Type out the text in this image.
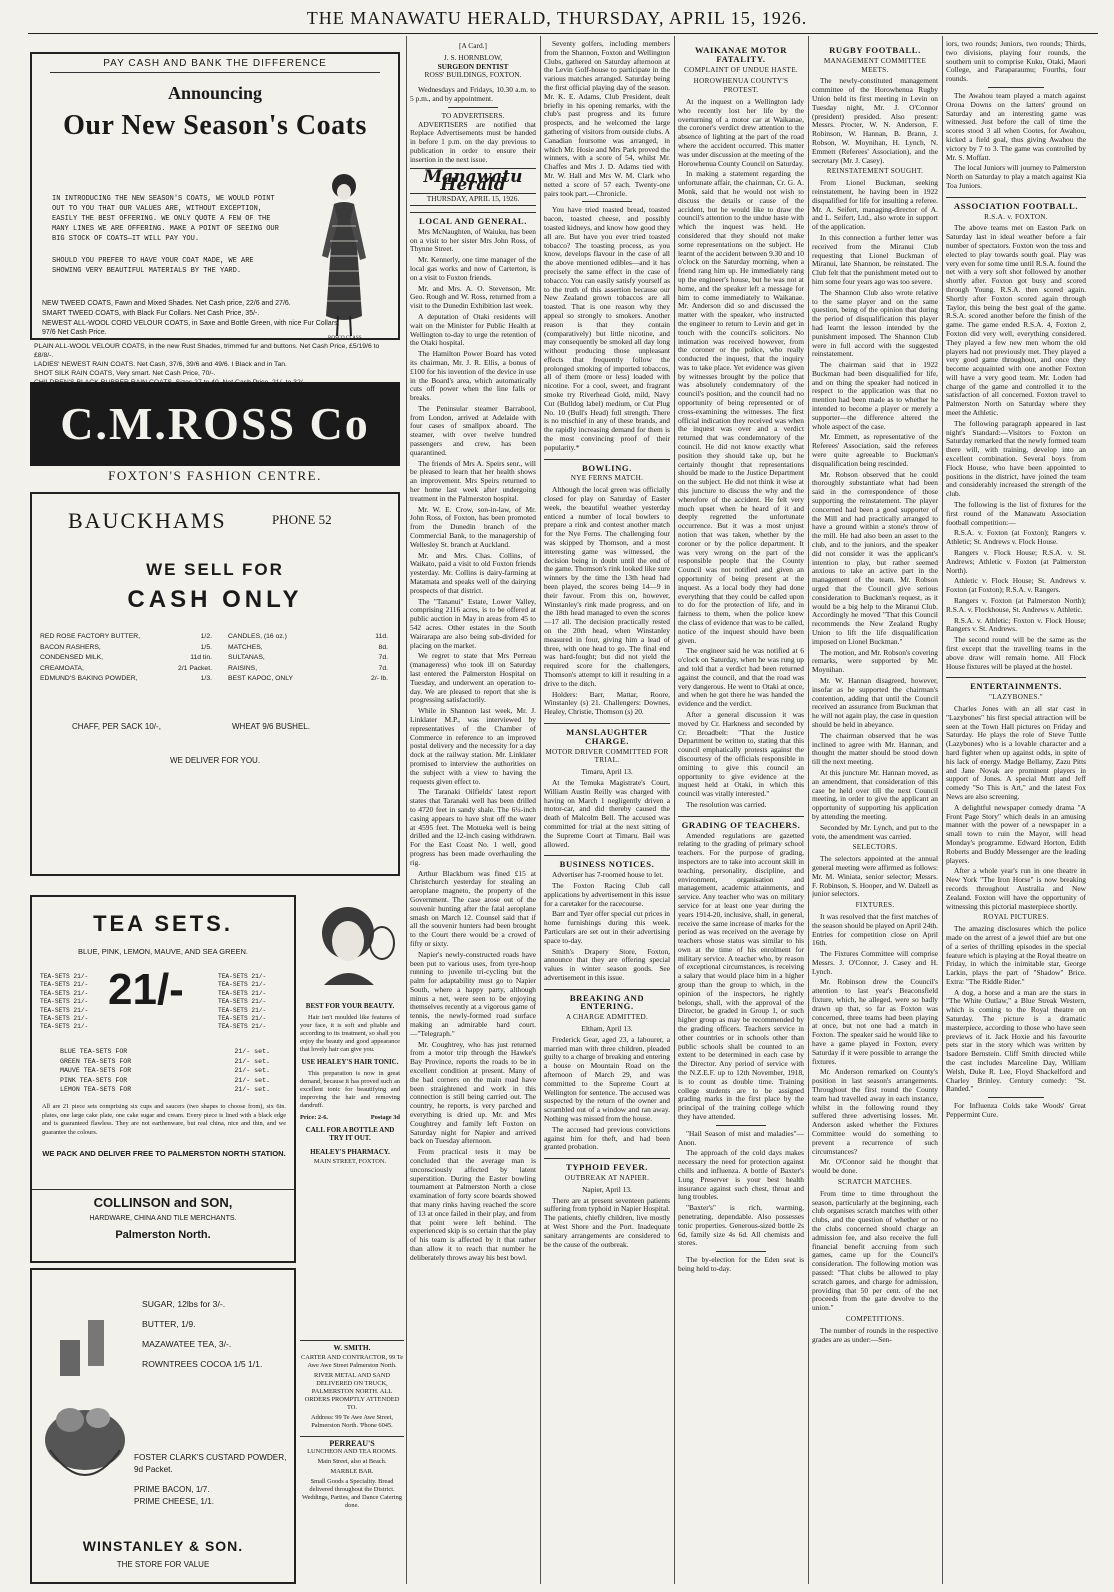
THE MANAWATU HERALD, THURSDAY, APRIL 15, 1926.
PAY CASH AND BANK THE DIFFERENCE
Announcing
Our New Season's Coats
IN INTRODUCING THE NEW SEASON'S COATS, WE WOULD POINT OUT TO YOU THAT OUR VALUES ARE, WITHOUT EXCEPTION, EASILY THE BEST OFFERING. WE ONLY QUOTE A FEW OF THE MANY LINES WE ARE OFFERING. MAKE A POINT OF SEEING OUR BIG STOCK OF COATS—IT WILL PAY YOU.
SHOULD YOU PREFER TO HAVE YOUR COAT MADE, WE ARE SHOWING VERY BEAUTIFUL MATERIALS BY THE YARD.
NEW TWEED COATS, Fawn and Mixed Shades. Net Cash price, 22/6 and 27/6.
SMART TWEED COATS, with Black Fur Collars. Net Cash Price, 35/-.
NEWEST ALL-WOOL CORD VELOUR COATS, in Saxe and Bottle Green, with nice Fur Collars. 97/6 Net Cash Price.
ROSCO CLASS
PLAIN ALL-WOOL VELOUR COATS, in the new Rust Shades, trimmed fur and buttons. Net Cash Price, £5/19/6 to £8/8/-.
LADIES' NEWEST RAIN COATS. Net Cash, 37/6, 39/6 and 49/6. I Black and in Tan.
SHOT SILK RAIN COATS, Very smart. Net Cash Price, 70/-.
C.M.ROSS Co
FOXTON'S FASHION CENTRE.
BAUCKHAMS	PHONE 52
WE SELL FOR
CASH ONLY
RED ROSE FACTORY BUTTER,	1/2.
BACON RASHERS,	1/5.
CONDENSED MILK,	11d tin.
CREAMOATA,	2/1 Packet.
EDMUND'S BAKING POWDER,	1/3.
CANDLES, (16 oz.)	11d.
MATCHES,	8d.
SULTANAS,	7d.
RAISINS,	7d.
BEST KAPOC, ONLY	2/- lb.
CHAFF, PER SACK 10/-,	WHEAT 9/6 BUSHEL.
WE DELIVER FOR YOU.
TEA SETS.
BLUE, PINK, LEMON, MAUVE, AND SEA GREEN.
TEA-SETS 21/-
TEA-SETS 21/-
TEA-SETS 21/-
TEA-SETS 21/-
TEA-SETS 21/-
TEA-SETS 21/-
TEA-SETS 21/-
21/-	TEA-SETS 21/-
TEA-SETS 21/-
TEA-SETS 21/-
TEA-SETS 21/-
TEA-SETS 21/-
TEA-SETS 21/-
TEA-SETS 21/-
BLUE TEA-SETS FOR	21/- set.
GREEN TEA-SETS FOR	21/- set.
MAUVE TEA-SETS FOR	21/- set.
PINK TEA-SETS FOR	21/- set.
LEMON TEA-SETS FOR	21/- set.
All are 21 piece sets comprising six cups and saucers (two shapes to choose from), six 6in. plates, one large cake plate, one cake sugar and cream. Every piece is lined with a black edge and is guaranteed flawless. They are not earthenware, but real china, nice and thin, and we guarantee the colours.
WE PACK AND DELIVER FREE TO PALMERSTON NORTH STATION.
COLLINSON and SON,
HARDWARE, CHINA AND TILE MERCHANTS.
Palmerston North.
BEST FOR YOUR BEAUTY.

Hair isn't moulded like features of your face, it is soft and pliable and according to its treatment, so shall you enjoy the beauty and good appearance that lovely hair can give you.

USE HEALEY'S HAIR TONIC.

This preparation is now in great demand, because it has proved such an excellent tonic for beautifying and improving the hair and removing dandruff.

Price: 2-6.	Postage 3d
CALL FOR A BOTTLE AND TRY IT OUT.
HEALEY'S PHARMACY.
MAIN STREET, FOXTON.
SUGAR, 12lbs for 3/-.
BUTTER, 1/9.
MAZAWATEE TEA, 3/-.
ROWNTREES COCOA 1/5 1/1.
FOSTER CLARK'S CUSTARD POWDER, 9d Packet.
PRIME BACON, 1/7.
PRIME CHEESE, 1/1.
WINSTANLEY & SON.
THE STORE FOR VALUE
[A Card.]
J. S. HORNBLOW,
SURGEON DENTIST
ROSS' BUILDINGS, FOXTON.

Wednesdays and Fridays, 10.30 a.m. to 5 p.m., and by appointment.

TO ADVERTISERS.

ADVERTISERS are notified that Replace Advertisements must be handed in before 1 p.m. on the day previous to publication in order to ensure their insertion in the next issue.

Manawatu Herald
THURSDAY, APRIL 15, 1926.
LOCAL AND GENERAL.

Mrs McNaughten, of Waiuku, has been on a visit to her sister Mrs John Ross, of Thynne Street.

Mr. Kennerly, one time manager of the local gas works and now of Carterton, is on a visit to Foxton friends.

Mr. and Mrs. A. O. Stevenson, Mr. Geo. Rough and W. Ross, returned from a visit to the Dunedin Exhibition last week.

A deputation of Otaki residents will wait on the Minister for Public Health at Wellington to-day to urge the retention of the Otaki hospital.

The Hamilton Power Board has voted its chairman, Mr. J. R. Ellis, a bonus of £100 for his invention of the device in use in the Board's area, which automatically cuts off power when the line falls or breaks.

The Peninsular steamer Barrabool, from London, arrived at Adelaide with four cases of smallpox aboard. The steamer, with over twelve hundred passengers and crew, has been quarantined.

The friends of Mrs A. Speirs senr., will be pleased to learn that her health shows an improvement. Mrs Speirs returned to her home last week after undergoing treatment in the Palmerston hospital.

Mr. W. E. Crow, son-in-law, of Mr. John Ross, of Foxton, has been promoted from the Dunedin branch of the Commercial Bank, to the managership of Wellesley St. branch at Auckland.

Mr. and Mrs. Chas. Collins, of Waikato, paid a visit to old Foxton friends yesterday. Mr. Collins is dairy-farming at Matamata and speaks well of the dairying prospects of that district.

The "Tananui" Estate, Lower Valley, comprising 2116 acres, is to be offered at public auction in May in areas from 45 to 542 acres. Other estates in the South Wairarapa are also being sub-divided for placing on the market.

We regret to state that Mrs Perreau (manageress) who took ill on Saturday last entered the Palmerston Hospital on Tuesday, and underwent an operation to-day. We are pleased to report that she is progressing satisfactorily.

While in Shannon last week, Mr. J. Linklater M.P., was interviewed by representatives of the Chamber of Commerce in reference to an improved postal delivery and the necessity for a day dock at the railway station. Mr. Linklater promised to interview the authorities on the subject with a view to having the requests given effect to.

The Taranaki Oilfields' latest report states that Taranaki well has been drilled to 4720 feet in sandy shale. The 6¼-inch casing appears to have shut off the water at 4595 feet. The Motueka well is being drilled and the 12-inch casing withdrawn. For the East Coast No. 1 well, good progress has been made overhauling the rig.

Arthur Blackburn was fined £15 at Christchurch yesterday for stealing an aeroplane magneto, the property of the Government. The case arose out of the souvenir hunting after the fatal aeroplane smash on March 12. Counsel said that if all the souvenir hunters had been brought to the Court there would be a crowd of fifty or sixty.

Napier's newly-constructed roads have been put to various uses, from tyre-hoop running to juvenile tri-cycling but the palm for adaptability must go to Napier South, where a happy party, although minus a net, were seen to be enjoying themselves recently at a vigorous game of tennis, the newly-formed road surface making an admirable hard court.—"Telegraph."

Mr. Coughtrey, who has just returned from a motor trip through the Hawke's Bay Province, reports the roads to be in excellent condition at present. Many of the bad corners on the main road have been straightened and work in this connection is still being carried out. The country, he reports, is very parched and everything is dried up. Mr. and Mrs Coughtrey and family left Foxton on Saturday night for Napier and arrived back on Tuesday afternoon.

From practical tests it may be concluded that the average man is unconsciously affected by latent superstition. During the Easter bowling tournament at Palmerston North a close examination of forty score boards showed that many rinks having reached the score of 13 at once failed in their play, and from that point were left behind. The experienced skip is so certain that the play of his team is affected by it that rather than allow it to reach that number he deliberately throws away his best bowl.

W. SMITH.
CARTER AND CONTRACTOR, 99 Te Awe Awe Street Palmerston North.
RIVER METAL AND SAND DELIVERED ON TRUCK, PALMERSTON NORTH. ALL ORDERS PROMPTLY ATTENDED TO.
Address: 99 Te Awe Awe Street, Palmerston North. 'Phone 6045.
PERREAU'S
LUNCHEON AND TEA ROOMS.
Main Street, also at Beach.
MARBLE BAR.
Small Goods a Speciality. Bread delivered throughout the District. Weddings, Parties, and Dance Catering done.

Seventy golfers, including members from the Shannon, Foxton and Wellington Clubs, gathered on Saturday afternoon at the Levin Golf-house to participate in the various matches arranged. Saturday being the first official playing day of the season. Mr. K. E. Adams, Club President, dealt briefly in his opening remarks, with the club's past progress and its future prospects, and he welcomed the large gathering of visitors from outside clubs. A Canadian foursome was arranged, in which Mr. Hosie and Mrs Park proved the winners, with a score of 54, whilst Mr. Chaffes and Mrs J. D. Adams tied with Mr. W. Hall and Mrs W. M. Clark who netted a score of 57 each. Twenty-one pairs took part.—Chronicle.

You have tried toasted bread, toasted bacon, toasted cheese, and possibly toasted kidneys, and know how good they all are. But have you ever tried toasted tobacco? The toasting process, as you know, develops flavour in the case of all the above mentioned edibles—and it has precisely the same effect in the case of tobacco. You can easily satisfy yourself as to the truth of this assertion because our New Zealand grown tobaccos are all toasted. That is one reason why they appeal so strongly to smokers. Another reason is that they contain (comparatively) but little nicotine, and may consequently be smoked all day long without producing those unpleasant effects that frequently follow the prolonged smoking of imported tobaccos, all of them (more or less) loaded with nicotine. For a cool, sweet, and fragrant smoke try Riverhead Gold, mild, Navy Cut (Bulldog label) medium, or Cut Plug No. 10 (Bull's Head) full strength. There is no mischief in any of these brands, and the rapidly increasing demand for them is the most convincing proof of their popularity.*

BOWLING.
NYE FERNS MATCH.

Although the local green was officially closed for play on Saturday of Easter week, the beautiful weather yesterday enticed a number of local bowlers to prepare a rink and contest another match for the Nye Ferns. The challenging four was skipped by Thomson, and a most interesting game was witnessed, the decision being in doubt until the end of the game. Thomson's rink looked like sure winners by the time the 13th head had been played, the scores being 14—9 in their favour. From this on, however, Winstanley's rink made progress, and on the 18th head managed to even the scores—17 all. The decision practically rested on the 20th head, when Winstanley measured in four, giving him a lead of three, with one head to go. The final end was hard-fought; but did not yield the required score for the challengers, Thomson's attempt to kill it resulting in a drive to the ditch.

Holders: Barr, Mattar, Roore, Winstanley (s) 21. Challengers: Downes, Healey, Christie, Thomson (s) 20.

MANSLAUGHTER CHARGE.
MOTOR DRIVER COMMITTED FOR TRIAL.

Timaru, April 13.

At the Temuka Magistrate's Court, William Austin Reilly was charged with having on March 1 negligently driven a motor-car, and did thereby caused the death of Malcolm Bell. The accused was committed for trial at the next sitting of the Supreme Court at Timaru. Bail was allowed.

BUSINESS NOTICES.

Advertiser has 7-roomed house to let.

The Foxton Racing Club call applications by advertisement in this issue for a caretaker for the racecourse.

Barr and Tyer offer special cut prices in home furnishings during this week. Particulars are set out in their advertising space to-day.

Smith's Drapery Store, Foxton, announce that they are offering special values in winter season goods. See advertisement in this issue.

BREAKING AND ENTERING.
A CHARGE ADMITTED.

Eltham, April 13.

Frederick Gear, aged 23, a labourer, a married man with three children, pleaded guilty to a charge of breaking and entering a house on Mountain Road on the afternoon of March 29, and was committed to the Supreme Court at Wellington for sentence. The accused was suspected by the return of the owner and scrambled out of a window and ran away. Nothing was missed from the house.

The accused had previous convictions against him for theft, and had been granted probation.

TYPHOID FEVER.
OUTBREAK AT NAPIER.

Napier, April 13.

There are at present seventeen patients suffering from typhoid in Napier Hospital. The patients, chiefly children, live mostly at West Shore and the Port. Inadequate sanitary arrangements are considered to be the cause of the outbreak.

WAIKANAE MOTOR FATALITY.
COMPLAINT OF UNDUE HASTE.
HOROWHENUA COUNTY'S PROTEST.

At the inquest on a Wellington lady who recently lost her life by the overturning of a motor car at Waikanae, the coroner's verdict drew attention to the absence of lighting at the part of the road where the accident occurred. This matter was under discussion at the meeting of the Horowhenua County Council on Saturday.

In making a statement regarding the unfortunate affair, the chairman, Cr. G. A. Monk, said that he would not wish to discuss the details or cause of the accident, but he would like to draw the council's attention to the undue haste with which the inquest was held. He considered that they should not make some representations on the subject. He learnt of the accident between 9.30 and 10 o'clock on the Saturday morning, when a friend rang him up. He immediately rang up the engineer's house, but he was not at home, and the speaker left a message for him to come immediately to Waikanae. Mr. Anderson did so and discussed the matter with the speaker, who instructed the engineer to return to Levin and get in touch with the council's solicitors. No intimation was received however, from the coroner or the police, who really conducted the inquest, that the inquiry was to take place. Yet evidence was given by witnesses brought by the police that was absolutely condemnatory of the council's position, and the council had no opportunity of being represented or of cross-examining the witnesses. The first official indication they received was when the inquest was over and a verdict returned that was condemnatory of the council. He did not know exactly what position they should take up, but he certainly thought that representations should be made to the Justice Department on the subject. He did not think it wise at this juncture to discuss the why and the wherefore of the accident. He felt very much upset when he heard of it and deeply regretted the unfortunate occurrence. But it was a most unjust notion that was taken, whether by the coroner or by the police department. It was very wrong on the part of the responsible people that the County Council was not notified and given an opportunity of being present at the inquest. As a local body they had done everything that they could be called upon to do for the protection of life, and in fairness to them, when the police knew the class of evidence that was to be called, notice of the inquest should have been given.

The engineer said he was notified at 6 o'clock on Saturday, when he was rung up and told that a verdict had been returned against the council, and that the road was very dangerous. He went to Otaki at once, and when he got there he was handed the evidence and the verdict.

After a general discussion it was moved by Cr. Harkness and seconded by Cr. Broadbelt: "That the Justice Department be written to, stating that this council emphatically protests against the discourtesy of the officials responsible in omitting to give this council an opportunity to give evidence at the inquest held at Otaki, in which this council was vitally interested."

The resolution was carried.

GRADING OF TEACHERS.

Amended regulations are gazetted relating to the grading of primary school teachers. For the purpose of grading, inspectors are to take into account skill in teaching, personality, discipline, and environment, organisation and management, academic attainments, and service. Any teacher who was on military service for at least one year during the years 1914-20, inclusive, shall, in general, receive the same increase of marks for the period as was received on the average by teachers whose status was similar to his own at the time of his enrolment for military service. A teacher who, by reason of exceptional circumstances, is receiving a salary that would place him in a higher group than the group to which, in the opinion of the inspectors, he rightly belongs, shall, with the approval of the Director, be graded in Group 1, or such higher group as may be recommended by the grading officers. Teachers service in other countries or in schools other than public schools shall be counted to an extent to be determined in each case by the Director. Any period of service with the N.Z.E.F. up to 12th November, 1918, is to count as double time. Training college students are to be assigned grading marks in the first place by the principal of the training college which they have attended.

"Hail Season of mist and maladies"—Anon.

The approach of the cold days makes necessary the need for protection against chills and influenza. A bottle of Baxter's Lung Preserver is your best health insurance against such chest, throat and lung troubles.

"Baxter's" is rich, warming, penetrating, dependable. Also possesses tonic properties. Generous-sized bottle 2s 6d, family size 4s 6d. All chemists and stores.

The by-election for the Eden seat is being held to-day.

RUGBY FOOTBALL.
MANAGEMENT COMMITTEE MEETS.

The newly-constituted management committee of the Horowhenua Rugby Union held its first meeting in Levin on Tuesday night, Mr. J. O'Connor (president) presided. Also present: Messrs. Procter, W. N. Anderson, F. Robinson, W. Hannan, B. Brann, J. Robson, W. Moynihan, H. Lynch, N. Emmett (Referees' Association), and the secretary (Mr. J. Casey).

REINSTATEMENT SOUGHT.

From Lionel Buckman, seeking reinstatement, he having been in 1922 disqualified for life for insulting a referee. Mr. A. Seifert, managing-director of A. and L. Seifert, Ltd., also wrote in support of the application.

In this connection a further letter was received from the Miranui Club requesting that Lionel Buckman of Miranui, late Shannon, be reinstated. The Club felt that the punishment meted out to him some four years ago was too severe.

The Shannon Club also wrote relative to the same player and on the same question, being of the opinion that during the period of disqualification this player had learnt the lesson intended by the punishment imposed. The Shannon Club were in full accord with the suggested reinstatement.

The chairman said that in 1922 Buckman had been disqualified for life, and on thing the speaker had noticed in respect to the application was that no mention had been made as to whether he intended to become a player or merely a supporter—the difference altered the whole aspect of the case.

Mr. Emmett, as representative of the Referees' Association, said the referees were quite agreeable to Buckman's disqualification being rescinded.

Mr. Robson observed that he could thoroughly substantiate what had been said in the correspondence of those supporting the reinstatement. The player concerned had been a good supporter of the Mill and had practically arranged to have a ground within a stone's throw of the mill. He had also been an asset to the club, and to the juniors, and the speaker did not consider it was the applicant's intention to play, but rather seemed anxious to take an active part in the management of the team. Mr. Robson urged that the Council give serious consideration to Buckman's request, as it would be a big help to the Miranui Club. Accordingly he moved "That this Council recommends the New Zealand Rugby Union to lift the life disqualification imposed on Lionel Buckman."

The motion, and Mr. Robson's covering remarks, were supported by Mr. Moynihan.

Mr. W. Hannan disagreed, however, insofar as he supported the chairman's contention, adding that until the Council received an assurance from Buckman that he will not again play, the case in question should be held in abeyance.

The chairman observed that he was inclined to agree with Mr. Hannan, and thought the matter should be stood down till the next meeting.

At this juncture Mr. Hannan moved, as an amendment, that consideration of this case be held over till the next Council meeting, in order to give the applicant an opportunity of supporting his application by attending the meeting.

Seconded by Mr. Lynch, and put to the vote, the amendment was carried.

SELECTORS.

The selectors appointed at the annual general meeting were affirmed as follows: Mr. M. Winiata, senior selector; Messrs. F. Robinson, S. Hooper, and W. Dalzell as junior selectors.

FIXTURES.

It was resolved that the first matches of the season should be played on April 24th. Entries for competition close on April 16th.

The Fixtures Committee will comprise Messrs. J. O'Connor, J. Casey and H. Lynch.

Mr. Robinson drew the Council's attention to last year's Beaconsfield fixture, which, he alleged, were so badly drawn up that, so far as Foxton was concerned, three teams had been playing at once, but not one had a match in Foxton. The speaker said he would like to have a game played in Foxton, every Saturday if it were possible to arrange the fixtures.

Mr. Anderson remarked on County's position in last season's arrangements. Throughout the first round the County team had travelled away in each instance, whilst in the following round they suffered three advertising losses. Mr. Anderson asked whether the Fixtures Committee would do something to prevent a recurrence of such circumstances?

Mr. O'Connor said he thought that would be done.

SCRATCH MATCHES.

From time to time throughout the season, particularly at the beginning, each club organises scratch matches with other clubs, and the question of whether or no the clubs concerned should charge an admission fee, and also receive the full financial benefit accruing from such games, came up for the Council's consideration. The following motion was passed: "That clubs be allowed to play scratch games, and charge for admission, providing that 50 per cent. of the net proceeds from the gate devolve to the union."

COMPETITIONS.

The number of rounds in the respective grades are as under:—Sen-

iors, two rounds; Juniors, two rounds; Thirds, two divisions, playing four rounds, the southern unit to comprise Kuku, Otaki, Maori College, and Paraparaumu; Fourths, four rounds.

The Awahou team played a match against Oroua Downs on the latters' ground on Saturday and an interesting game was witnessed. Just before the call of time the scores stood 3 all when Cootes, for Awahou, kicked a field goal, thus giving Awahou the victory by 7 to 3. The game was controlled by Mr. S. Moffatt.

The local Juniors will journey to Palmerston North on Saturday to play a match against Kia Toa Juniors.

ASSOCIATION FOOTBALL.
R.S.A. v. FOXTON.

The above teams met on Easton Park on Saturday last in ideal weather before a fair number of spectators. Foxton won the toss and elected to play towards south goal. Play was very even for some time until R.S.A. found the net with a very soft shot followed by another shortly after. Foxton got busy and scored through Young. R.S.A. then scored again. Shortly after Foxton scored again through Taylor, this being the best goal of the game. R.S.A. scored another before the finish of the game. The game ended R.S.A. 4, Foxton 2, Foxton did very well, everything considered. They played a few new men whom the old players had not previously met. They played a very good game throughout, and once they become acquainted with one another Foxton will have a very good team. Mr. Loden had charge of the game and controlled it to the satisfaction of all concerned. Foxton travel to Palmerston North on Saturday where they meet the Athletic.

The following paragraph appeared in last night's Standard:—Visitors to Foxton on Saturday remarked that the newly formed team there will, with training, develop into an excellent combination. Several boys from Flock House, who have been appointed to positions in the district, have joined the team and considerably increased the strength of the club.

The following is the list of fixtures for the first round of the Manawatu Association football competition:—

R.S.A. v. Foxton (at Foxton); Rangers v. Athletic; St. Andrews v. Flock House.

Rangers v. Flock House; R.S.A. v. St. Andrews; Athletic v. Foxton (at Palmerston North).

Athletic v. Flock House; St. Andrews v. Foxton (at Foxton); R.S.A. v. Rangers.

Rangers v. Foxton (at Palmerston North); R.S.A. v. Flockhouse, St. Andrews v. Athletic.

R.S.A. v. Athletic; Foxton v. Flock House; Rangers v. St. Andrews.

The second round will be the same as the first except that the travelling teams in the above draw will remain home. All Flock House fixtures will be played at the hostel.

ENTERTAINMENTS.
"LAZYBONES."

Charles Jones with an all star cast in "Lazybones" his first special attraction will be seen at the Town Hall pictures on Friday and Saturday. He plays the role of Steve Tuttle (Lazybones) who is a lovable character and a hard fighter when up against odds, in spite of his lack of energy. Madge Bellamy, Zazu Pitts and Jane Novak are prominent players in support of Jones. A special Mutt and Jeff comedy "So This is Art," and the latest Fox News are also screening.

A delightful newspaper comedy drama "A Front Page Story" which deals in an amusing manner with the power of a newspaper in a small town to ruin the Mayor, will head Monday's programme. Edward Horton, Edith Roberts and Buddy Messenger are the leading players.

After a whole year's run in one theatre in New York "The Iron Horse" is now breaking records throughout Australia and New Zealand. Foxton will have the opportunity of witnessing this pictorial masterpiece shortly.

ROYAL PICTURES.

The amazing disclosures which the police made on the arrest of a jewel thief are but one of a series of thrilling episodes in the special feature which is playing at the Royal theatre on Friday, in which the inimitable star, George Larkin, plays the part of "Shadow" Brice. Extra: "The Riddle Rider."

A dog, a horse and a man are the stars in "The White Outlaw," a Blue Streak Western, which is coming to the Royal theatre on Saturday. The picture is a dramatic masterpiece, according to those who have seen previews of it. Jack Hoxie and his favourite pets star in the story which was written by Isadore Bernstein. Cliff Smith directed while the cast includes Marceline Day, William Welsh, Duke R. Lee, Floyd Shackelford and Charley Brinley. Century comedy: "St. Randed."

For Influenza Colds take Woods' Great Peppermint Cure.
